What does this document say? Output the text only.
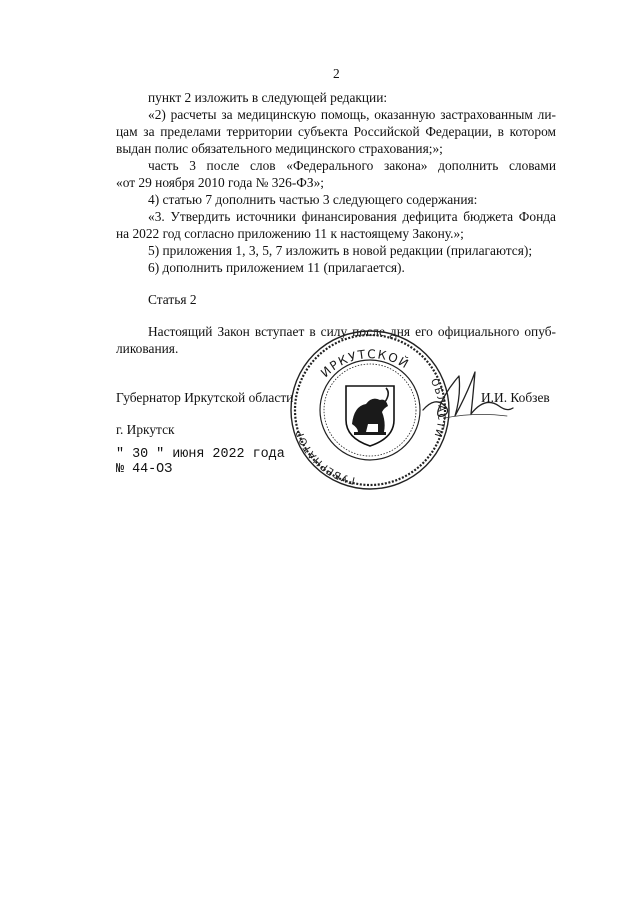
2
пункт 2 изложить в следующей редакции:
«2) расчеты за медицинскую помощь, оказанную застрахованным ли-
цам за пределами территории субъекта Российской Федерации, в котором
выдан полис обязательного медицинского страхования;»;
часть 3 после слов «Федерального закона» дополнить словами
«от 29 ноября 2010 года № 326-ФЗ»;
4) статью 7 дополнить частью 3 следующего содержания:
«3. Утвердить источники финансирования дефицита бюджета Фонда
на 2022 год согласно приложению 11 к настоящему Закону.»;
5) приложения 1, 3, 5, 7 изложить в новой редакции (прилагаются);
6) дополнить приложением 11 (прилагается).
Статья 2
Настоящий Закон вступает в силу после дня его официального опуб-
ликования.
ИРКУТСКОЙ
ГУБЕРНАТОР
ОБЛАСТИ
Губернатор Иркутской области	И.И. Кобзев
г. Иркутск
" 30 " июня 2022 года
№ 44-ОЗ
